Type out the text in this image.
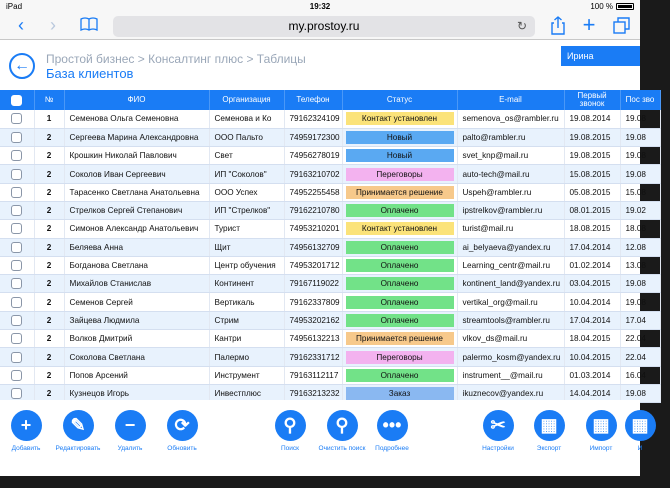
iPad	19:32	100 %
‹	›	my.prostoy.ru	↻	+
←	Простой бизнес > Консалтинг плюс > Таблицы
База клиентов
Ирина
	№	ФИО	Организация	Телефон	Статус	E-mail	Первый звонок	Пос зво
	1	Семенова Ольга Семеновна	Семенова и Ко	79162324109	Контакт установлен	semenova_os@rambler.ru	19.08.2014	19.08
	2	Сергеева Марина Александровна	ООО Пальто	74959172300	Новый	palto@rambler.ru	19.08.2015	19.08
	2	Крошкин Николай Павлович	Свет	74956278019	Новый	svet_knp@mail.ru	19.08.2015	19.08
	2	Соколов Иван Сергеевич	ИП "Соколов"	79163210702	Переговоры	auto-tech@mail.ru	15.08.2015	19.08
	2	Тарасенко Светлана Анатольевна	ООО Успех	74952255458	Принимается решение	Uspeh@rambler.ru	05.08.2015	15.08
	2	Стрелков Сергей Степанович	ИП "Стрелков"	79162210780	Оплачено	ipstrelkov@rambler.ru	08.01.2015	19.02
	2	Симонов Александр Анатольевич	Турист	74953210201	Контакт установлен	turist@mail.ru	18.08.2015	18.08
	2	Беляева Анна	Щит	74956132709	Оплачено	ai_belyaeva@yandex.ru	17.04.2014	12.08
	2	Богданова Светлана	Центр обучения	74953201712	Оплачено	Learning_centr@mail.ru	01.02.2014	13.08
	2	Михайлов Станислав	Континент	79167119022	Оплачено	kontinent_land@yandex.ru	03.04.2015	19.08
	2	Семенов Сергей	Вертикаль	79162337809	Оплачено	vertikal_org@mail.ru	10.04.2014	19.08
	2	Зайцева Людмила	Стрим	74953202162	Оплачено	streamtools@rambler.ru	17.04.2014	17.04
	2	Волков Дмитрий	Кантри	74956132213	Принимается решение	vlkov_ds@mail.ru	18.04.2015	22.04
	2	Соколова Светлана	Палермо	79162331712	Переговоры	palermo_kosm@yandex.ru	10.04.2015	22.04
	2	Попов Арсений	Инструмент	79163112117	Оплачено	instrument__@mail.ru	01.03.2014	16.04
	2	Кузнецов Игорь	Инвестплюс	79163213232	Заказ	ikuznecov@yandex.ru	14.04.2014	19.08
+
Добавить
✎
Редактировать
−
Удалить
⟳
Обновить
⚲
Поиск
⚲
Очистить поиск
•••
Подробнее
✂
Настройки
▦
Экспорт
▦
Импорт
▦
И
